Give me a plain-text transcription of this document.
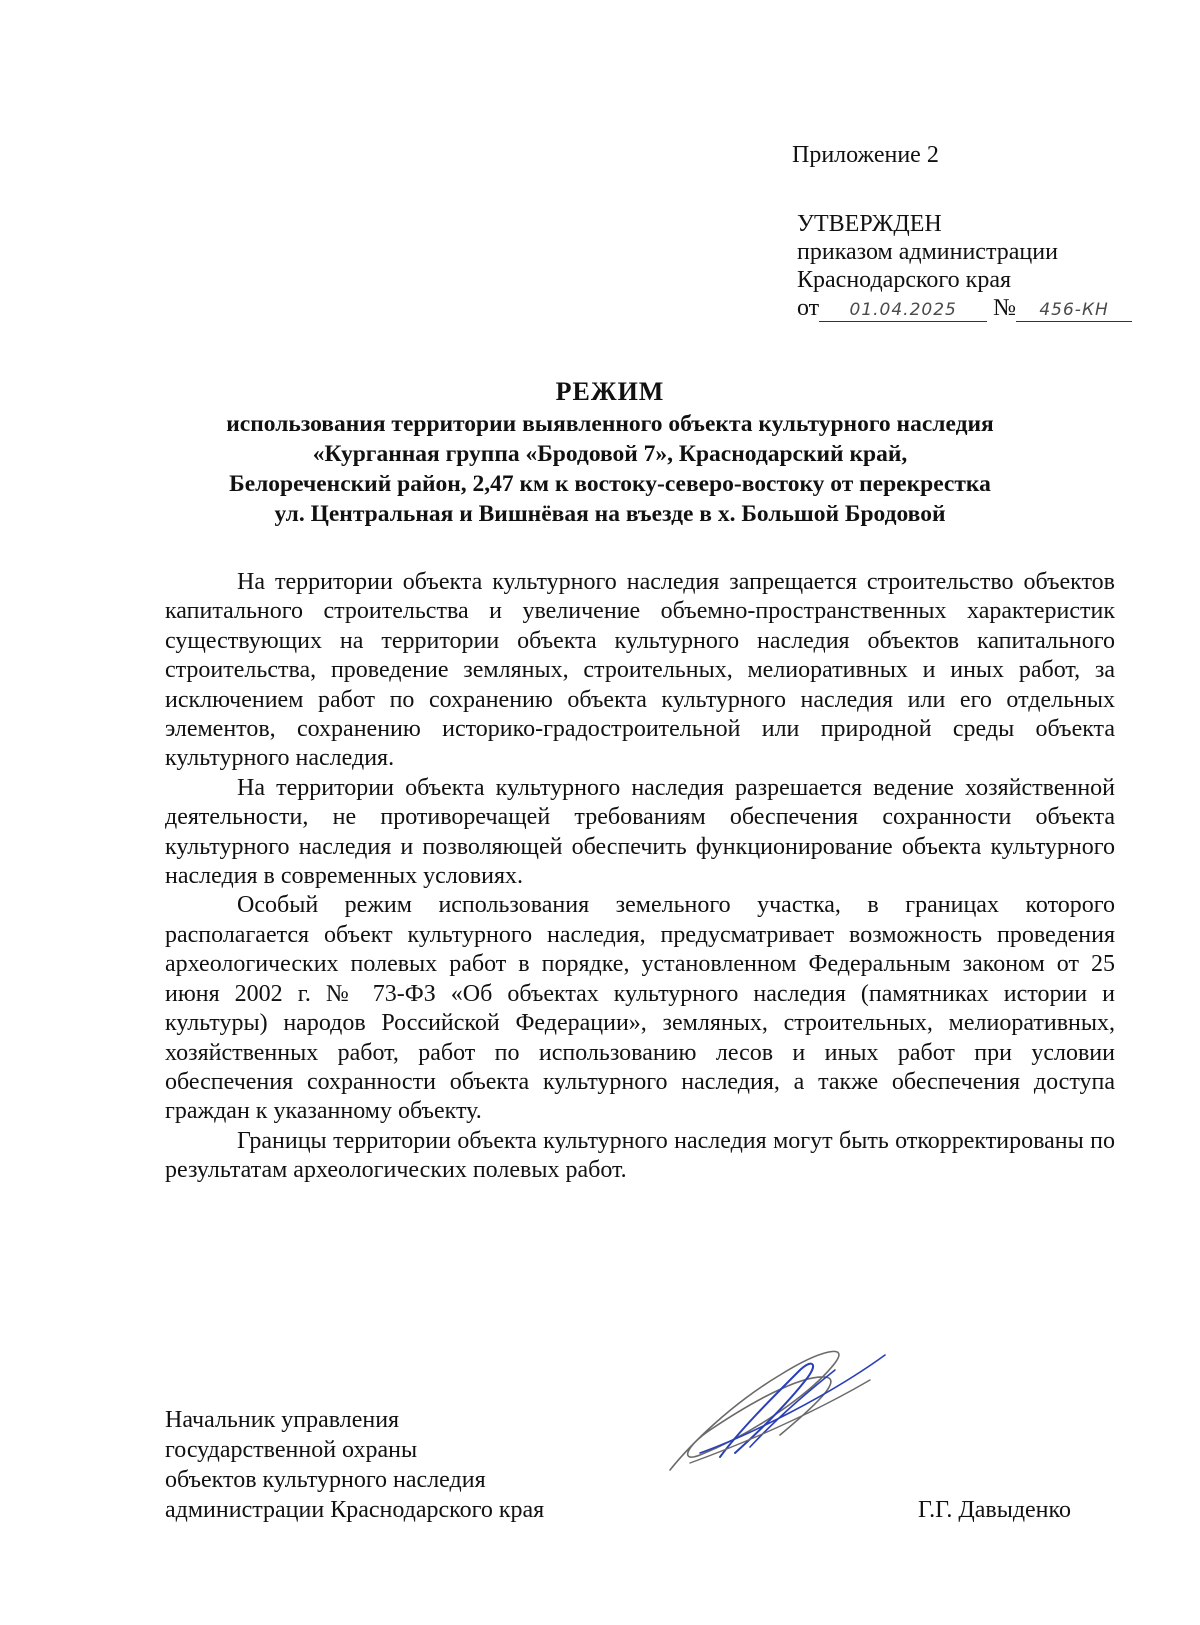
Приложение 2
УТВЕРЖДЕН
приказом администрации
Краснодарского края
от 01.04.2025 № 456-КН
РЕЖИМ
использования территории выявленного объекта культурного наследия
«Курганная группа «Бродовой 7», Краснодарский край,
Белореченский район, 2,47 км к востоку-северо-востоку от перекрестка
ул. Центральная и Вишнёвая на въезде в х. Большой Бродовой

На территории объекта культурного наследия запрещается строительство объектов капитального строительства и увеличение объемно-пространственных характеристик существующих на территории объекта культурного наследия объектов капитального строительства, проведение земляных, строительных, мелиоративных и иных работ, за исключением работ по сохранению объекта культурного наследия или его отдельных элементов, сохранению историко-градостроительной или природной среды объекта культурного наследия.

На территории объекта культурного наследия разрешается ведение хозяйственной деятельности, не противоречащей требованиям обеспечения сохранности объекта культурного наследия и позволяющей обеспечить функционирование объекта культурного наследия в современных условиях.

Особый режим использования земельного участка, в границах которого располагается объект культурного наследия, предусматривает возможность проведения археологических полевых работ в порядке, установленном Федеральным законом от 25 июня 2002 г. № 73-ФЗ «Об объектах культурного наследия (памятниках истории и культуры) народов Российской Федерации», земляных, строительных, мелиоративных, хозяйственных работ, работ по использованию лесов и иных работ при условии обеспечения сохранности объекта культурного наследия, а также обеспечения доступа граждан к указанному объекту.

Границы территории объекта культурного наследия могут быть откорректированы по результатам археологических полевых работ.

Начальник управления
государственной охраны
объектов культурного наследия
администрации Краснодарского края	Г.Г. Давыденко
